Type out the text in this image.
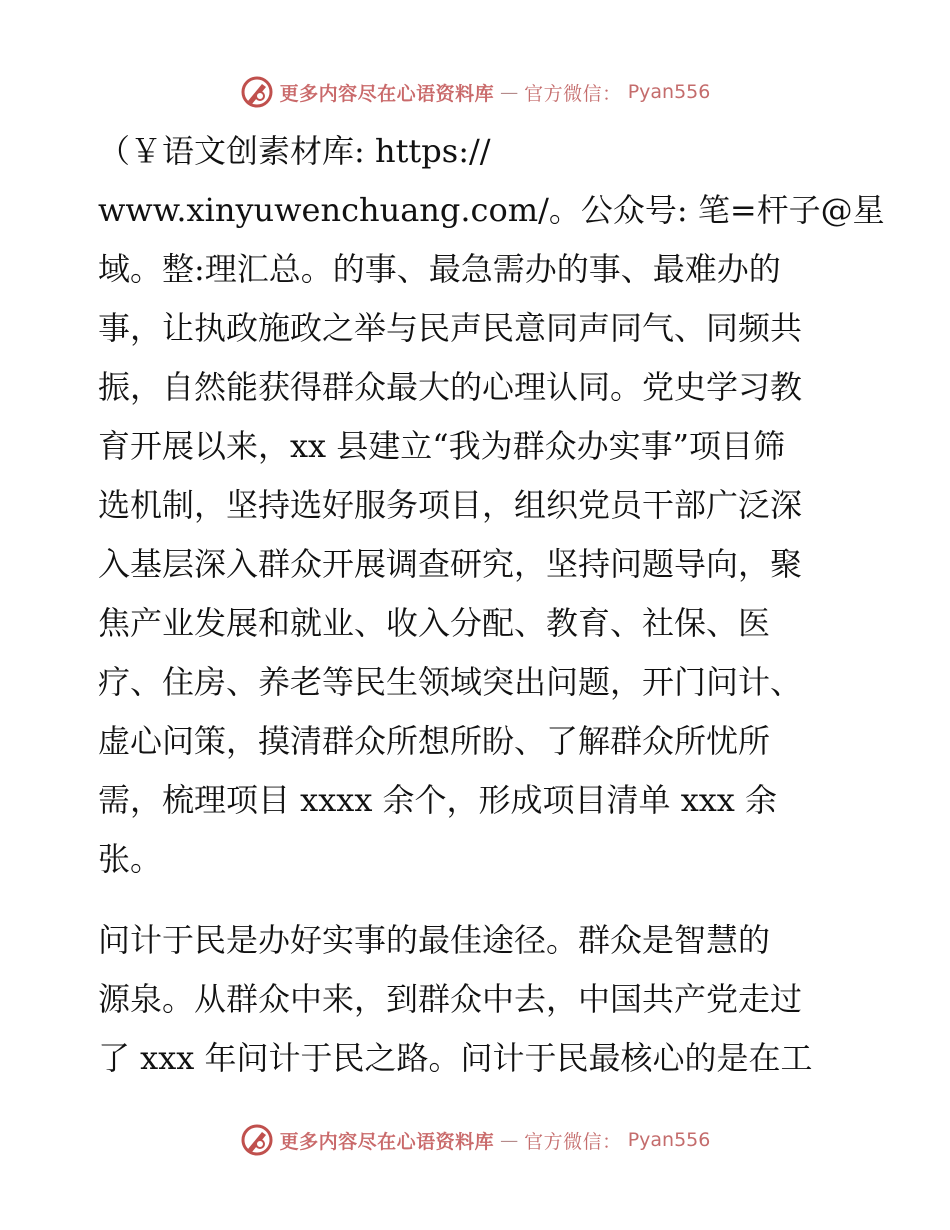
更多内容尽在心语资料库 — 官方微信： Pyan556

（￥语文创素材库: https://
www.xinyuwenchuang.com/。公众号: 笔=杆子@星
域。整:理汇总。的事、最急需办的事、最难办的
事，让执政施政之举与民声民意同声同气、同频共
振，自然能获得群众最大的心理认同。党史学习教
育开展以来，xx 县建立“我为群众办实事”项目筛
选机制，坚持选好服务项目，组织党员干部广泛深
入基层深入群众开展调查研究，坚持问题导向，聚
焦产业发展和就业、收入分配、教育、社保、医
疗、住房、养老等民生领域突出问题，开门问计、
虚心问策，摸清群众所想所盼、了解群众所忧所
需，梳理项目 xxxx 余个，形成项目清单 xxx 余
张。

问计于民是办好实事的最佳途径。群众是智慧的
源泉。从群众中来，到群众中去，中国共产党走过
了 xxx 年问计于民之路。问计于民最核心的是在工

更多内容尽在心语资料库 — 官方微信： Pyan556
